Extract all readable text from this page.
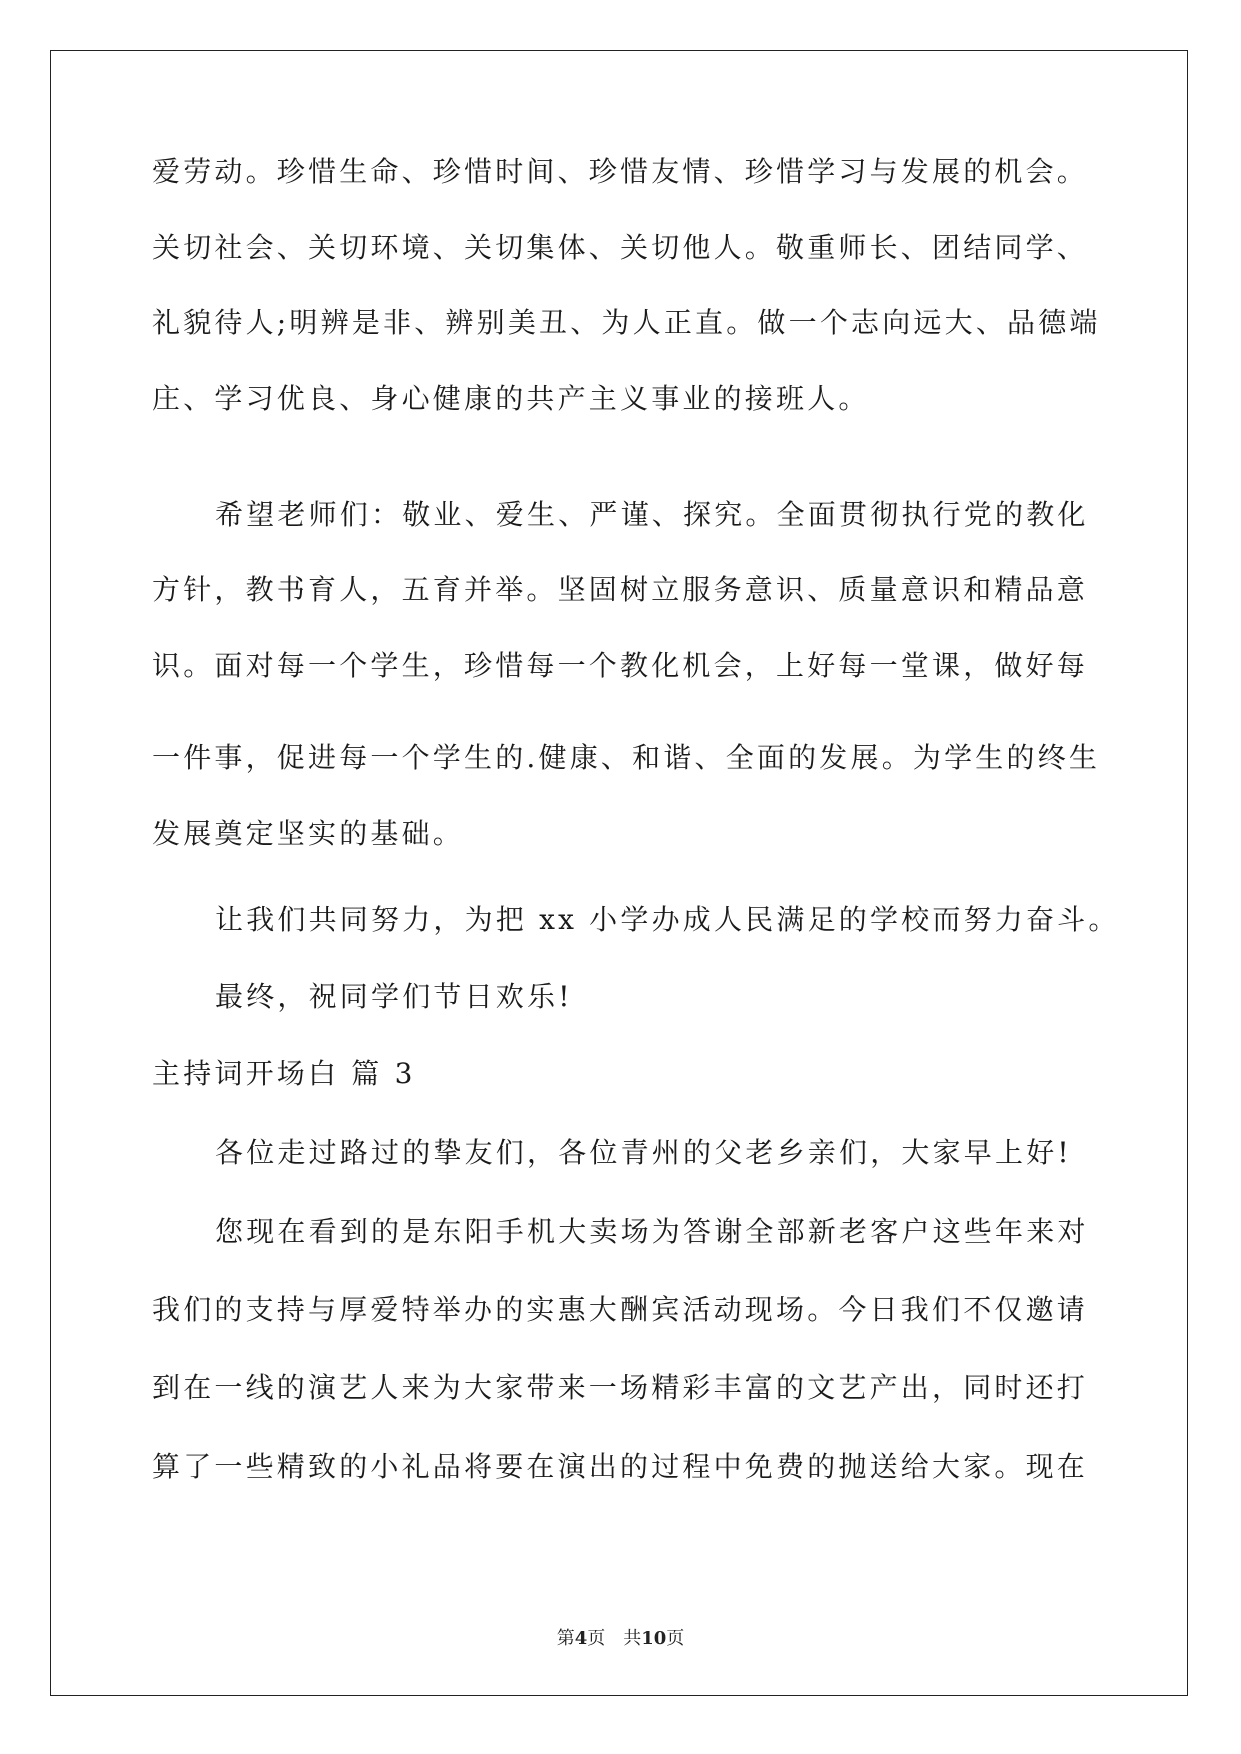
爱劳动。珍惜生命、珍惜时间、珍惜友情、珍惜学习与发展的机会。
关切社会、关切环境、关切集体、关切他人。敬重师长、团结同学、
礼貌待人;明辨是非、辨别美丑、为人正直。做一个志向远大、品德端
庄、学习优良、身心健康的共产主义事业的接班人。
希望老师们：敬业、爱生、严谨、探究。全面贯彻执行党的教化
方针，教书育人，五育并举。坚固树立服务意识、质量意识和精品意
识。面对每一个学生，珍惜每一个教化机会，上好每一堂课，做好每
一件事，促进每一个学生的.健康、和谐、全面的发展。为学生的终生
发展奠定坚实的基础。
让我们共同努力，为把 xx 小学办成人民满足的学校而努力奋斗。
最终，祝同学们节日欢乐!
主持词开场白 篇 3
各位走过路过的挚友们，各位青州的父老乡亲们，大家早上好!
您现在看到的是东阳手机大卖场为答谢全部新老客户这些年来对
我们的支持与厚爱特举办的实惠大酬宾活动现场。今日我们不仅邀请
到在一线的演艺人来为大家带来一场精彩丰富的文艺产出，同时还打
算了一些精致的小礼品将要在演出的过程中免费的抛送给大家。现在
第4页 共10页
